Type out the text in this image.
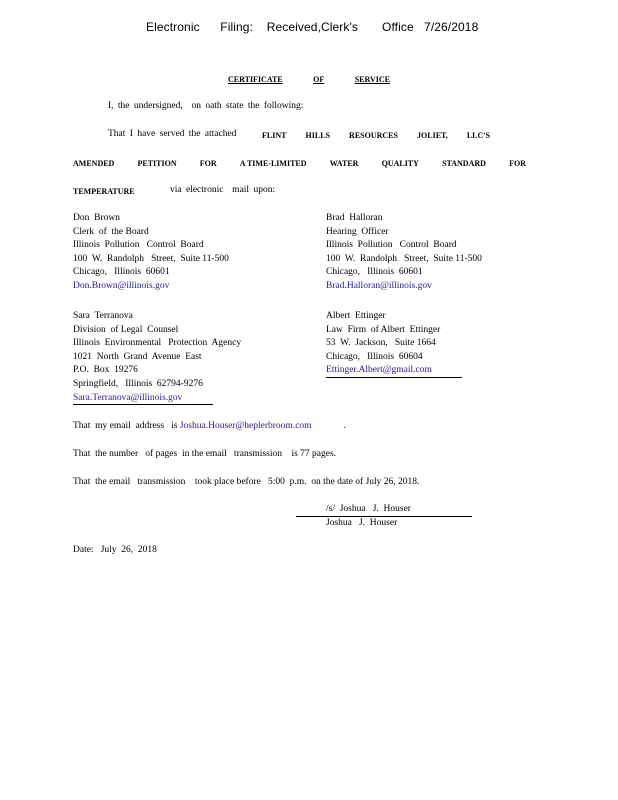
Electronic      Filing:    Received,Clerk's       Office   7/26/2018
CERTIFICATE	OF	SERVICE
I, the undersigned,  on oath state the following:
That I have served the attached	FLINT HILLS RESOURCES JOLIET, LLC'S
AMENDED	PETITION	FOR	A TIME-LIMITED	WATER	QUALITY	STANDARD	FOR
TEMPERATURE	via electronic  mail upon:
Don  Brown
Clerk  of  the Board
Illinois  Pollution   Control  Board
100  W.  Randolph   Street,  Suite 11-500
Chicago,   Illinois  60601
Don.Brown@illinois.gov
Brad  Halloran
Hearing  Officer
Illinois  Pollution   Control  Board
100  W.  Randolph   Street,  Suite 11-500
Chicago,   Illinois  60601
Brad.Halloran@illinois.gov
Sara  Terranova
Division  of Legal  Counsel
Illinois  Environmental   Protection  Agency
1021  North  Grand  Avenue  East
P.O.  Box  19276
Springfield,   Illinois  62794-9276
Sara.Terranova@illinois.gov
Albert  Ettinger
Law  Firm  of Albert  Ettinger
53  W.  Jackson,   Suite 1664
Chicago,   Illinois  60604
Ettinger.Albert@gmail.com
That  my email  address   is Joshua.Houser@heplerbroom.com	.
That  the number   of pages  in the email   transmission    is 77 pages.
That  the email   transmission    took place before   5:00  p.m.  on the date of July 26, 2018.
/s/  Joshua   J.  Houser
Joshua   J.  Houser
Date:   July  26,  2018
